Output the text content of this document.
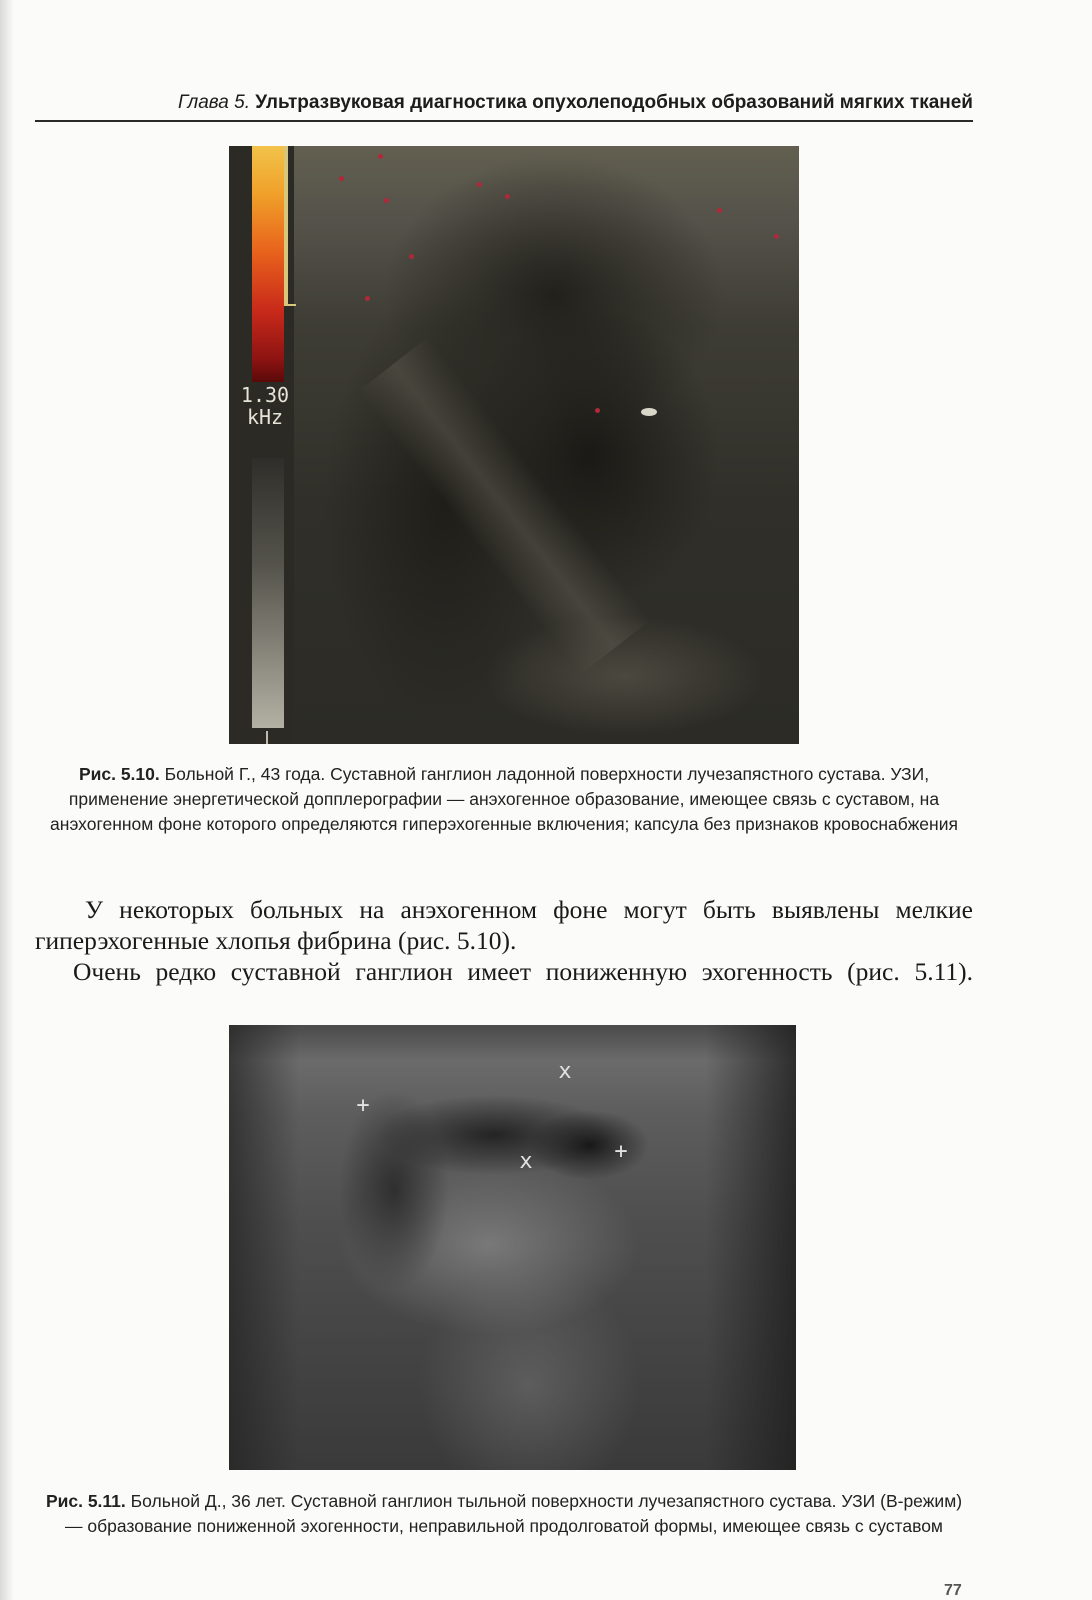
Глава 5. Ультразвуковая диагностика опухолеподобных образований мягких тканей
1.30
kHz
Рис. 5.10. Больной Г., 43 года. Суставной ганглион ладонной поверхности лучезапястного сустава. УЗИ, применение энергетической допплерографии — анэхогенное образование, имеющее связь с суставом, на анэхогенном фоне которого определяются гиперэхогенные включения; капсула без признаков кровоснабжения
У некоторых больных на анэхогенном фоне могут быть выявлены мелкие гиперэхогенные хлопья фибрина (рис. 5.10).
Очень редко суставной ганглион имеет пониженную эхогенность (рис. 5.11).
+
+
x
x
Рис. 5.11. Больной Д., 36 лет. Суставной ганглион тыльной поверхности лучезапястного сустава. УЗИ (B-режим) — образование пониженной эхогенности, неправильной продолговатой формы, имеющее связь с суставом
77
